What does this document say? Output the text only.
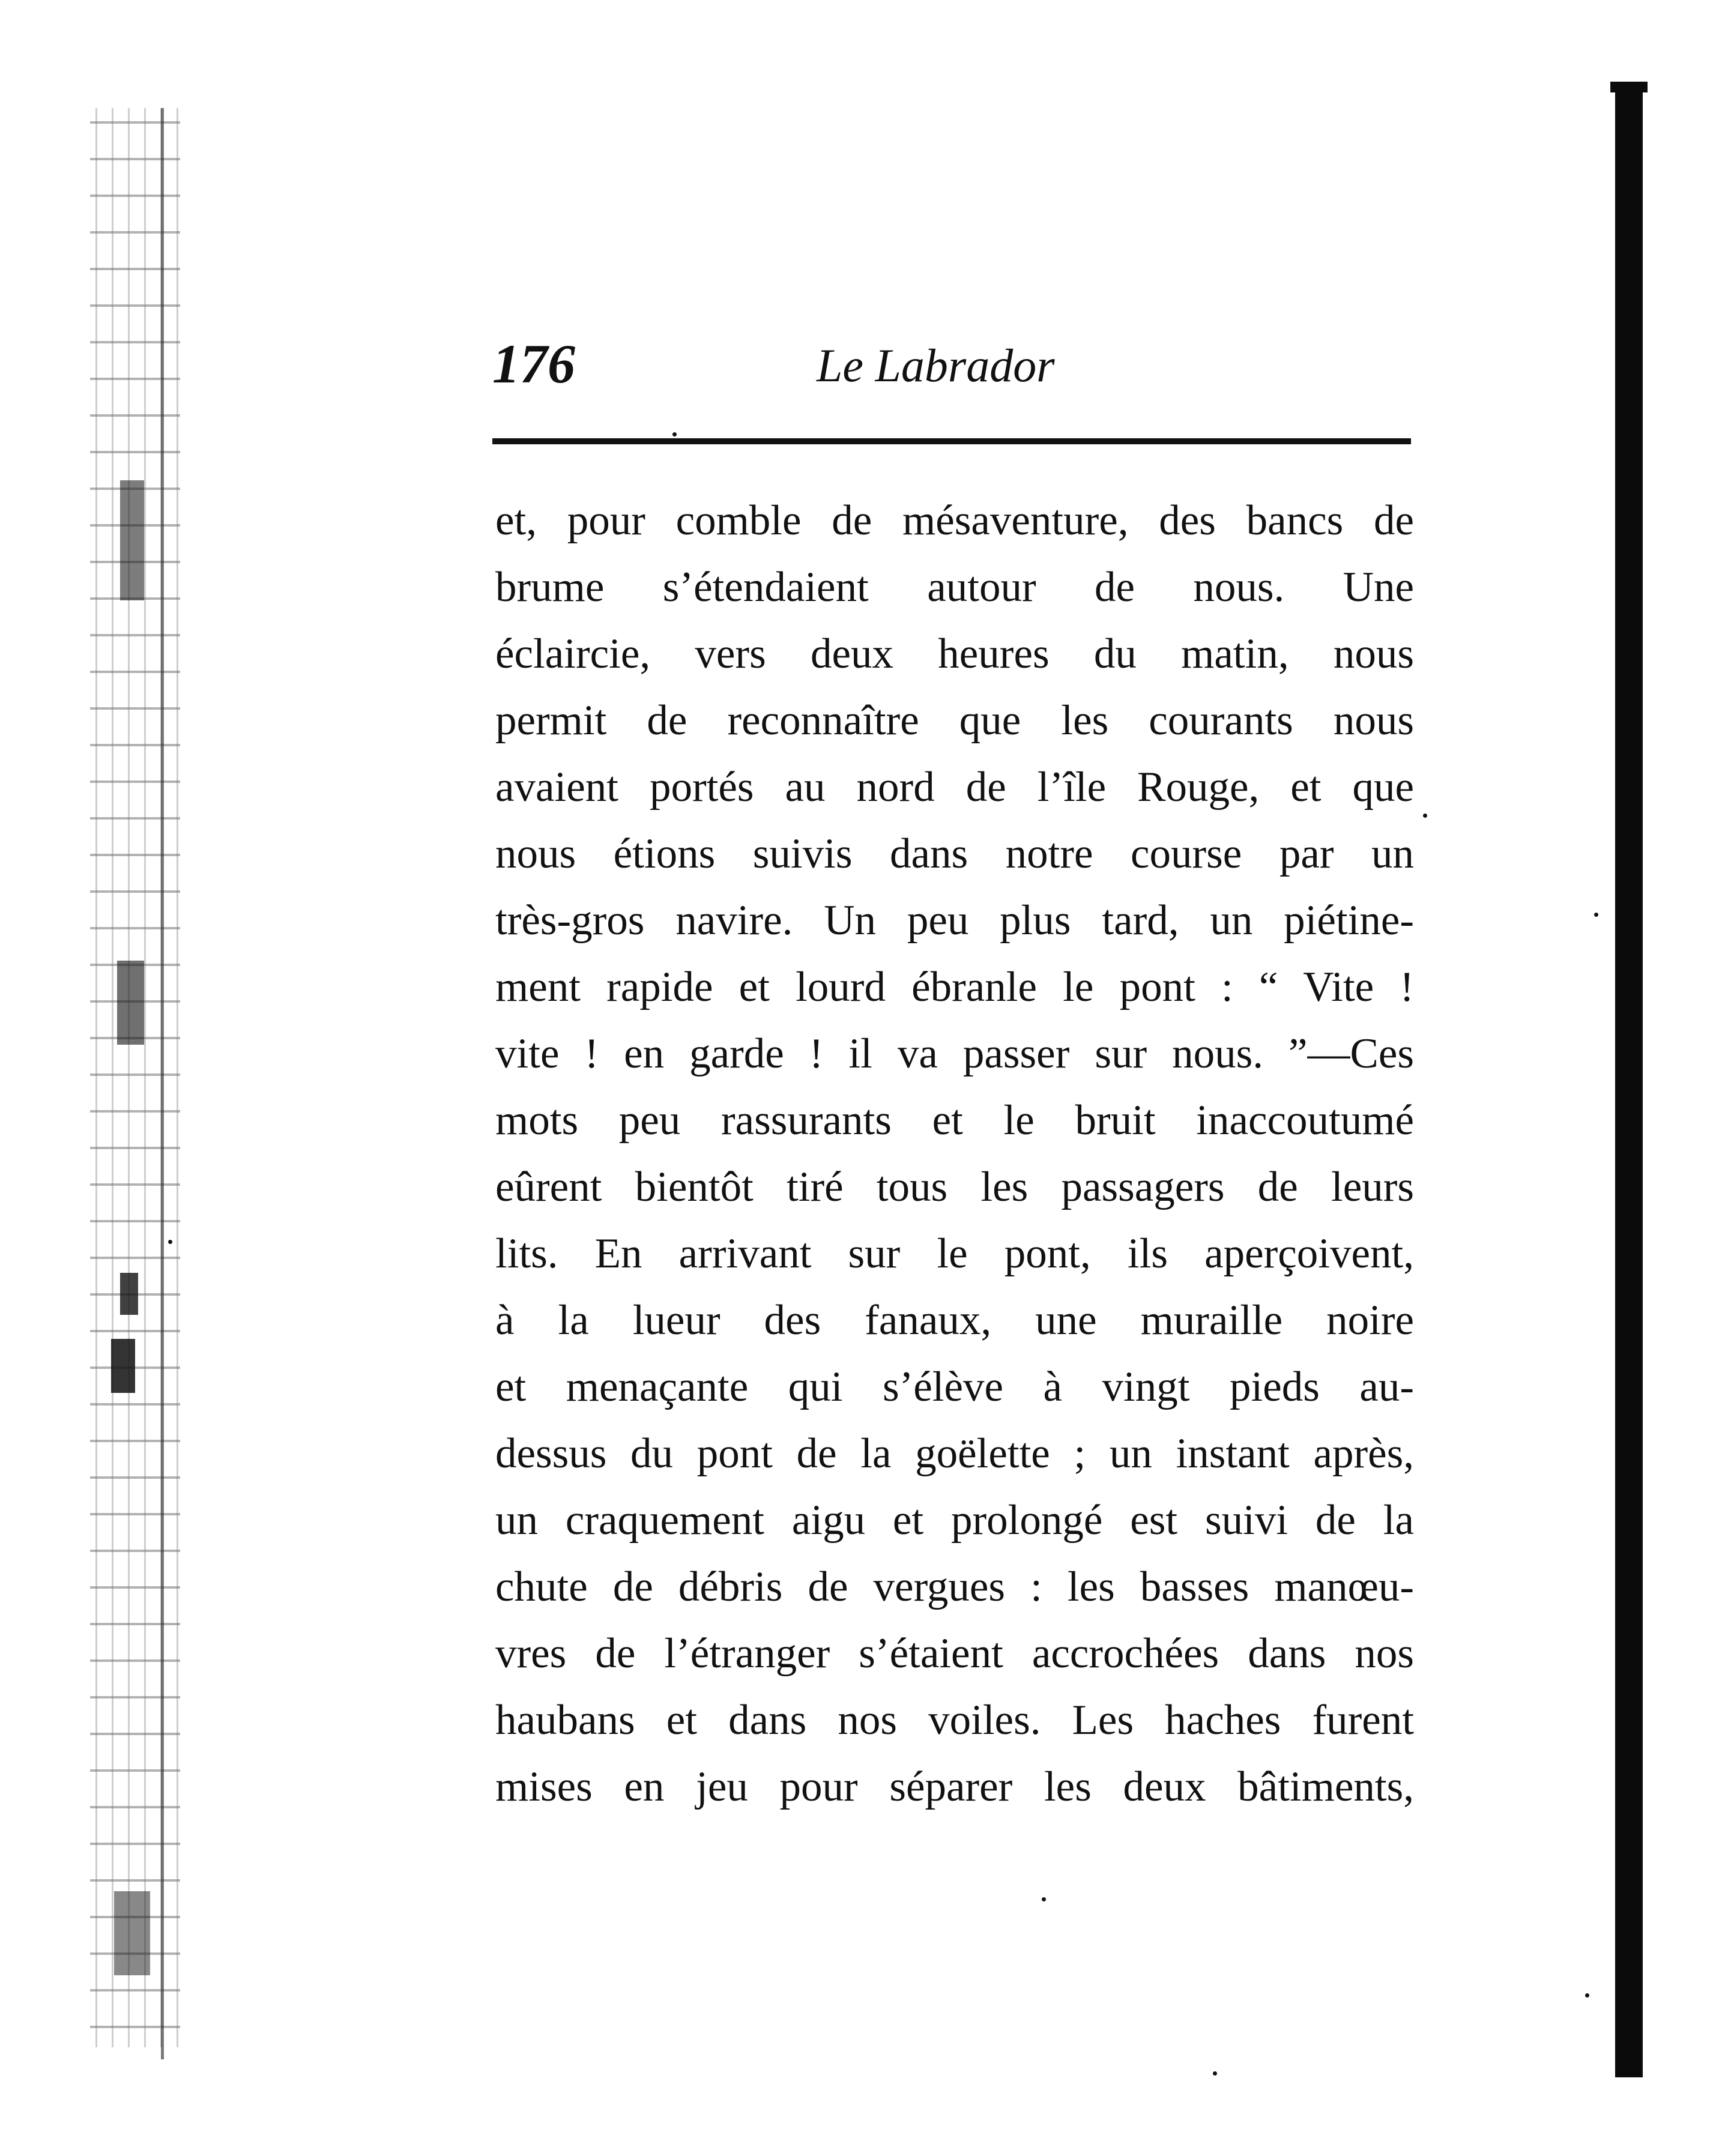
176	Le Labrador
et, pour comble de mésaventure, des bancs de
brume s’étendaient autour de nous. Une
éclaircie, vers deux heures du matin, nous
permit de reconnaître que les courants nous
avaient portés au nord de l’île Rouge, et que
nous étions suivis dans notre course par un
très-gros navire. Un peu plus tard, un piétine-
ment rapide et lourd ébranle le pont : “ Vite !
vite ! en garde ! il va passer sur nous. ”—Ces
mots peu rassurants et le bruit inaccoutumé
eûrent bientôt tiré tous les passagers de leurs
lits. En arrivant sur le pont, ils aperçoivent,
à la lueur des fanaux, une muraille noire
et menaçante qui s’élève à vingt pieds au-
dessus du pont de la goëlette ; un instant après,
un craquement aigu et prolongé est suivi de la
chute de débris de vergues : les basses manœu-
vres de l’étranger s’étaient accrochées dans nos
haubans et dans nos voiles. Les haches furent
mises en jeu pour séparer les deux bâtiments,
